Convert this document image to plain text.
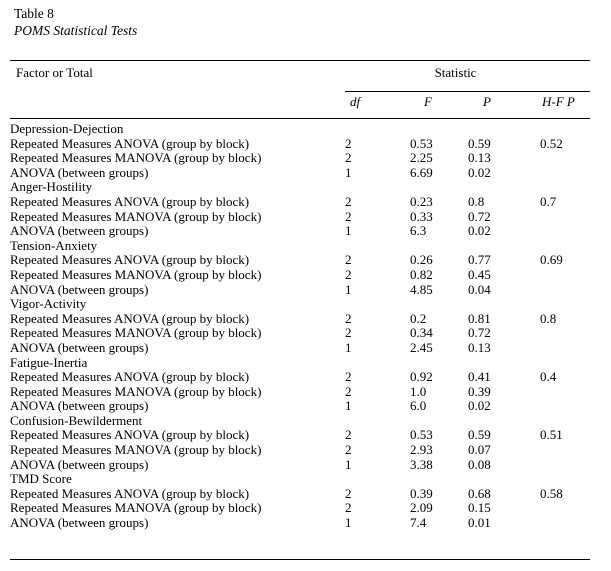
Table 8
POMS Statistical Tests
Factor or Total	Statistic			
	df	F	P	H-F P
Depression-Dejection				
Repeated Measures ANOVA (group by block)	2	0.53	0.59	0.52
Repeated Measures MANOVA (group by block)	2	2.25	0.13	
ANOVA (between groups)	1	6.69	0.02	
Anger-Hostility				
Repeated Measures ANOVA (group by block)	2	0.23	0.8	0.7
Repeated Measures MANOVA (group by block)	2	0.33	0.72	
ANOVA (between groups)	1	6.3	0.02	
Tension-Anxiety				
Repeated Measures ANOVA (group by block)	2	0.26	0.77	0.69
Repeated Measures MANOVA (group by block)	2	0.82	0.45	
ANOVA (between groups)	1	4.85	0.04	
Vigor-Activity				
Repeated Measures ANOVA (group by block)	2	0.2	0.81	0.8
Repeated Measures MANOVA (group by block)	2	0.34	0.72	
ANOVA (between groups)	1	2.45	0.13	
Fatigue-Inertia				
Repeated Measures ANOVA (group by block)	2	0.92	0.41	0.4
Repeated Measures MANOVA (group by block)	2	1.0	0.39	
ANOVA (between groups)	1	6.0	0.02	
Confusion-Bewilderment				
Repeated Measures ANOVA (group by block)	2	0.53	0.59	0.51
Repeated Measures MANOVA (group by block)	2	2.93	0.07	
ANOVA (between groups)	1	3.38	0.08	
TMD Score				
Repeated Measures ANOVA (group by block)	2	0.39	0.68	0.58
Repeated Measures MANOVA (group by block)	2	2.09	0.15	
ANOVA (between groups)	1	7.4	0.01	
